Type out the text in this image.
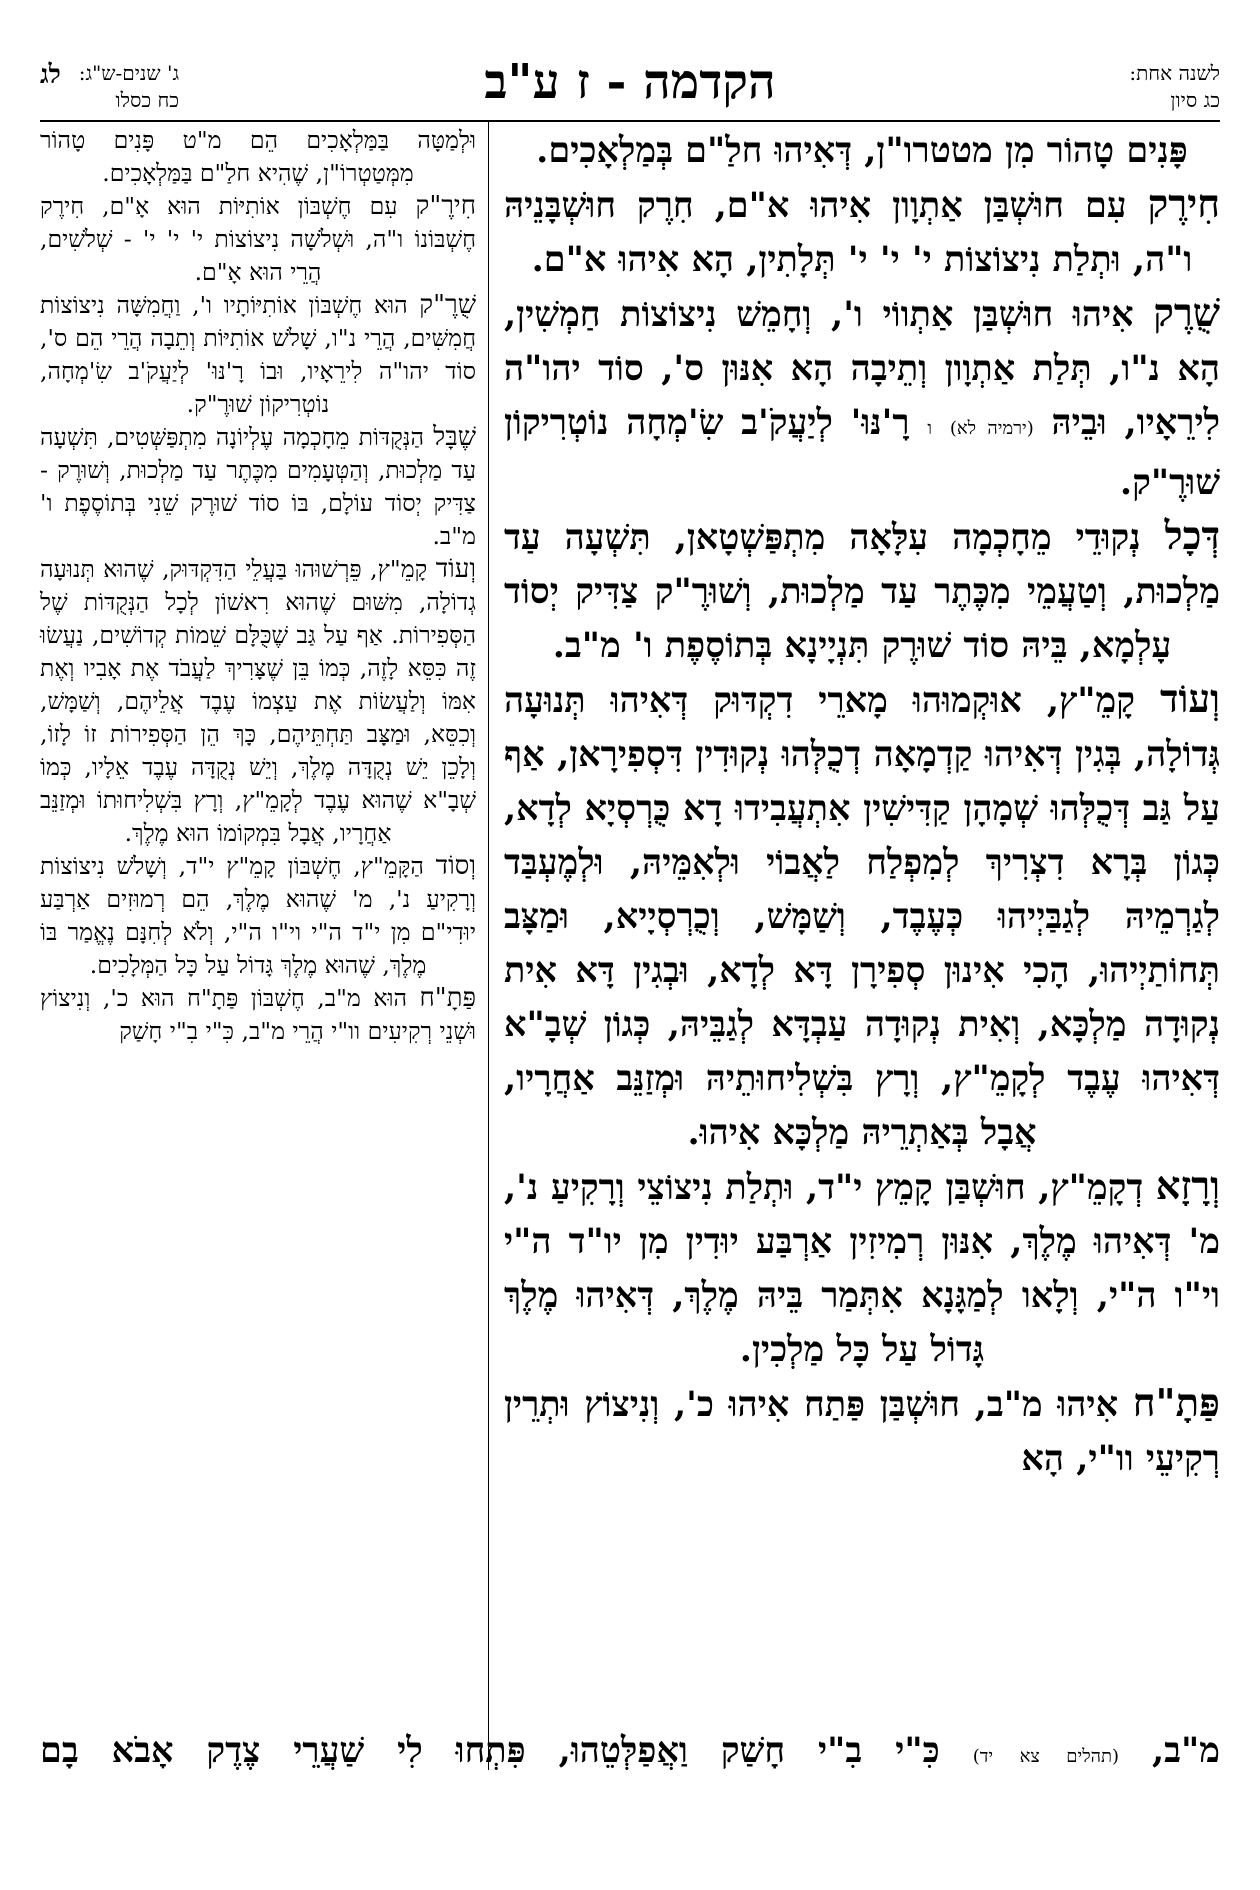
לשנה אחת:
כג סיון
הקדמה - ז ע"ב
לג ג' שנים-ש"ג:
כח כסלו

פָּנִים טָהוֹר מִן מטטרו"ן, דְּאִיהוּ חלַ"ם בְּמַלְאָכִים.

חִירֶק עִם חוּשְׁבַּן אַתְוָון אִיהוּ א"ם, חִרֶק חוּשְׁבָּנֵיהּ ו"ה, וּתְלַת נִיצוֹצוֹת י' י' י' תְּלָתִין, הָא אִיהוּ א"ם.

שֻׁרֶק אִיהוּ חוּשְׁבַּן אַתְווֹי ו', וְחָמֵשׁ נִיצוֹצוֹת חַמְשִׁין, הָא נ"ו, תְּלַת אַתְוָון וְתֵיבָה הָא אִנּוּן ס', סוֹד יהו"ה לִירֵאָיו, וּבֵיהּ (ירמיה לא) ו רָ'נּוּ' לְיַעֲקֹ'ב שִׂ'מְחָה נוֹטְרִיקוֹן שׁוּרֶ"ק.

דְּכָל נְקוּדֵי מֵחָכְמָה עִלָּאָה מִתְפַּשְׁטָאן, תִּשְׁעָה עַד מַלְכוּת, וְטַעֲמֵי מִכֶּתֶר עַד מַלְכוּת, וְשׁוּרֶ"ק צַדִּיק יְסוֹד עָלְמָא, בֵּיהּ סוֹד שׁוּרֶק תִּנְיָינָא בְּתוֹסֶפֶת ו' מ"ב.

וְעוֹד קָמֵ"ץ, אוּקְמוּהוּ מָארֵי דִקְדּוּק דְּאִיהוּ תְּנוּעָה גְּדוֹלָה, בְּגִין דְּאִיהוּ קַדְמָאָה דְכֻלְּהוּ נְקוּדִין דִּסְפִירָאן, אַף עַל גַּב דְּכֻלְּהוּ שְׁמָהָן קַדִּישִׁין אִתְעֲבִידוּ דָא כֻּרְסְיָא לְדָא, כְּגוֹן בְּרָא דִצְרִיךְ לְמִפְלַח לַאֲבוֹי וּלְאִמֵּיהּ, וּלְמֶעְבַּד לְגַרְמֵיהּ לְגַבַּיְיהוּ כְּעֶבֶד, וְשַׁמָּשׁ, וְכֻרְסְיָיא, וּמַצָּב תְּחוֹתַיְיהוּ, הָכִי אִינוּן סְפִירָן דָּא לְדָא, וּבְגִין דָּא אִית נְקוּדָה מַלְכָּא, וְאִית נְקוּדָה עַבְדָּא לְגַבֵּיהּ, כְּגוֹן שְׁבָ"א דְּאִיהוּ עֶבֶד לְקָמֵ"ץ, וְרָץ בִּשְׁלִיחוּתֵיהּ וּמְזַנֵּב אַחֲרָיו, אֲבָל בְּאַתְרֵיהּ מַלְכָּא אִיהוּ.

וְרָזָא דְקָמֵ"ץ, חוּשְׁבַּן קָמֵץ י"ד, וּתְלַת נִיצוֹצֵי וְרָקִיעַ נ', מ' דְּאִיהוּ מֶלֶךְ, אִנּוּן רְמִיזִין אַרְבַּע יוּדִין מִן יו"ד ה"י וי"ו ה"י, וְלָאו לְמַגָּנָא אִתְּמַר בֵּיהּ מֶלֶךְ, דְּאִיהוּ מֶלֶךְ גָּדוֹל עַל כָּל מַלְכִין.

פַּתָ"ח אִיהוּ מ"ב, חוּשְׁבַּן פַּתַח אִיהוּ כ', וְנִיצוֹץ וּתְרֵין רְקִיעֵי וו"י, הָא

וּלְמַטָּה בַּמַּלְאָכִים הֵם מ"ט פָּנִים טָהוֹר מִמְּטַטְרוֹ"ן, שֶׁהִיא חלַ"ם בַּמַּלְאָכִים.

חִירֶ"ק עִם חֶשְׁבּוֹן אוֹתִיּוֹת הוּא אָ"ם, חִירֶק חֶשְׁבּוֹנוֹ ו"ה, וּשְׁלֹשָׁה נִיצוֹצוֹת י' י' י' - שְׁלֹשִׁים, הֲרֵי הוּא אָ"ם.

שֻׁרֶ"ק הוּא חֶשְׁבּוֹן אוֹתִיּוֹתָיו ו', וַחֲמִשָּׁה נִיצוֹצוֹת חֲמִשִּׁים, הֲרֵי נ"ו, שָׁלֹשׁ אוֹתִיּוֹת וְתֵבָה הֲרֵי הֵם ס', סוֹד יהו"ה לִירֵאָיו, וּבוֹ רָ'נּוּ' לְיַעֲקֹ'ב שִׂ'מְחָה, נוֹטְרִיקוֹן שׁוּרֶ"ק.

שֶׁבָּל הַנְּקֻדּוֹת מֵחָכְמָה עֶלְיוֹנָה מִתְפַּשְּׁטִים, תִּשְׁעָה עַד מַלְכוּת, וְהַטְּעָמִים מִכֶּתֶר עַד מַלְכוּת, וְשׁוּרֶק - צַדִּיק יְסוֹד עוֹלָם, בּוֹ סוֹד שׁוּרֶק שֵׁנִי בְּתוֹסֶפֶת ו' מ"ב.

וְעוֹד קָמֵ"ץ, פֵּרְשׁוּהוּ בַּעֲלֵי הַדִּקְדּוּק, שֶׁהוּא תְּנוּעָה גְדוֹלָה, מִשּׁוּם שֶׁהוּא רִאשׁוֹן לְכָל הַנְּקֻדּוֹת שֶׁל הַסְּפִירוֹת. אַף עַל גַּב שֶׁכֻּלָּם שֵׁמוֹת קְדוֹשִׁים, נַעֲשׂוּ זֶה כִּסֵּא לָזֶה, כְּמוֹ בֵּן שֶׁצָּרִיךְ לַעֲבֹד אֶת אָבִיו וְאֶת אִמּוֹ וְלַעֲשׂוֹת אֶת עַצְמוֹ עֶבֶד אֲלֵיהֶם, וְשַׁמָּשׁ, וְכִסֵּא, וּמַצָּב תַּחְתֵּיהֶם, כָּךְ הֵן הַסְּפִירוֹת זוֹ לָזוֹ, וְלָכֵן יֵשׁ נְקֻדָּה מֶלֶךְ, וְיֵשׁ נְקֻדָּה עֶבֶד אֵלָיו, כְּמוֹ שְׁבָ"א שֶׁהוּא עֶבֶד לְקָמֵ"ץ, וְרָץ בִּשְׁלִיחוּתוֹ וּמְזַנֵּב אַחֲרָיו, אֲבָל בִּמְקוֹמוֹ הוּא מֶלֶךְ.

וְסוֹד הַקָּמֵ"ץ, חֶשְׁבּוֹן קָמֵ"ץ י"ד, וְשָׁלֹשׁ נִיצוֹצוֹת וְרָקִיעַ נ', מ' שֶׁהוּא מֶלֶךְ, הֵם רְמוּזִים אַרְבַּע יוּדִי"ם מִן י"ד ה"י וי"ו ה"י, וְלֹא לְחִנָּם נֶאֱמַר בּוֹ מֶלֶךְ, שֶׁהוּא מֶלֶךְ גָּדוֹל עַל כָּל הַמְּלָכִים.

פַּתָ"ח הוּא מ"ב, חֶשְׁבּוֹן פַּתָ"ח הוּא כ', וְנִיצוֹץ וּשְׁנֵי רְקִיעִים וו"י הֲרֵי מ"ב, כִּ"י בִ"י חָשַׁק

מ"ב, (תהלים צא יד) כִּ"י בִ"י חָשַׁק וַאֲפַלְּטֵהוּ, פִּתְחוּ לִי שַׁעֲרֵי צֶדֶק אָבֹא בָם
